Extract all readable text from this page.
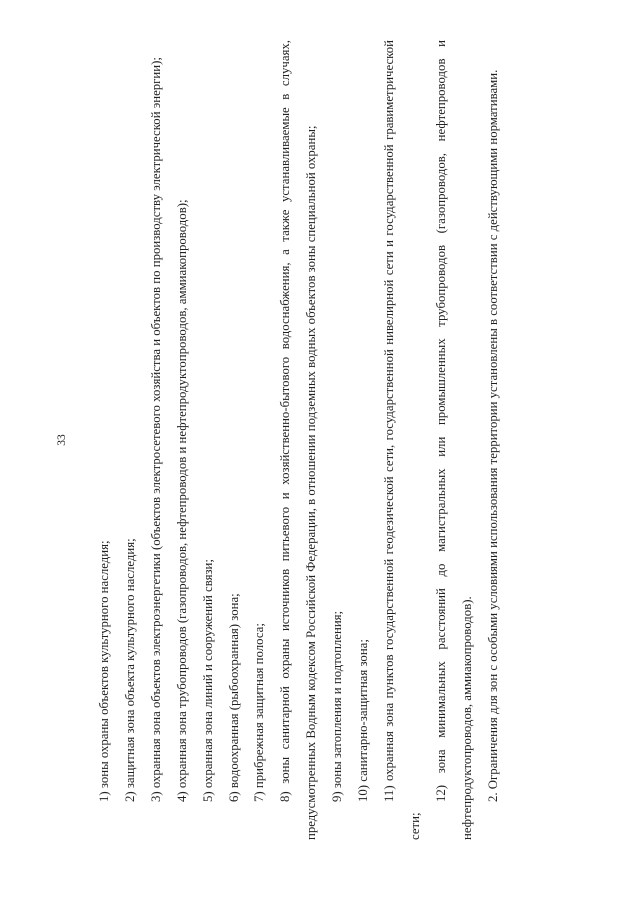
33

1) зоны охраны объектов культурного наследия; 2) защитная зона объекта культурного наследия; 3) охранная зона объектов электроэнергетики (объектов электросетевого хозяйства и объектов по производству электрической энергии); 4) охранная зона трубопроводов (газопроводов, нефтепроводов и нефтепродуктопроводов, аммиакопроводов); 5) охранная зона линий и сооружений связи; 6) водоохранная (рыбоохранная) зона; 7) прибрежная защитная полоса; 8) зоны санитарной охраны источников питьевого и хозяйственно-бытового водоснабжения, а также устанавливаемые в случаях, предусмотренных Водным кодексом Российской Федерации, в отношении подземных водных объектов зоны специальной охраны; 9) зоны затопления и подтопления; 10) санитарно-защитная зона; 11) охранная зона пунктов государственной геодезической сети, государственной нивелирной сети и государственной гравиметрической сети;

12) зона минимальных расстояний до магистральных или промышленных трубопроводов (газопроводов, нефтепроводов и нефтепродуктопроводов, аммиакопроводов). 2. Ограничения для зон с особыми условиями использования территории установлены в соответствии с действующими нормативами.
